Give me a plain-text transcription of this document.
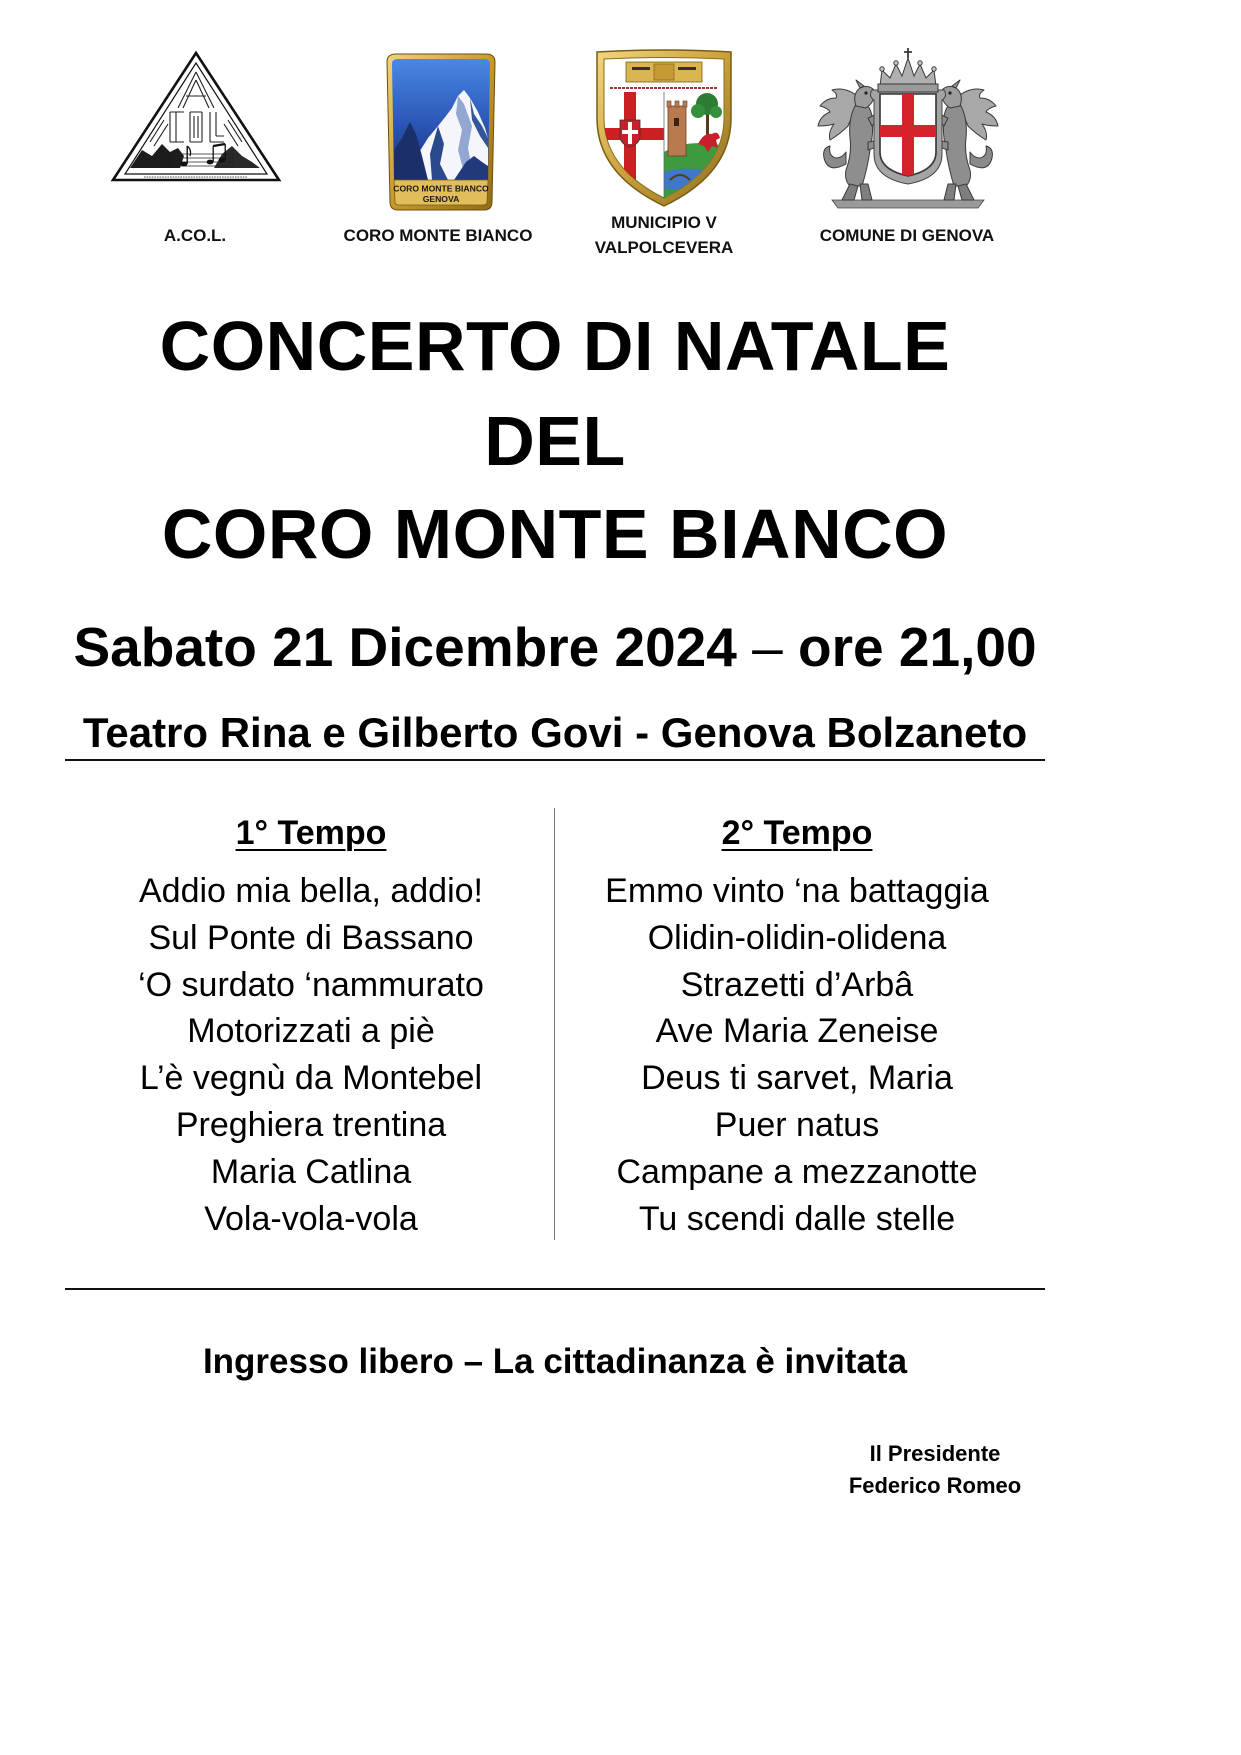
A.CO.L.
CORO MONTE BIANCO
GENOVA
CORO MONTE BIANCO
MUNICIPIO V
VALPOLCEVERA
COMUNE DI GENOVA
CONCERTO DI NATALE
DEL
CORO MONTE BIANCO
Sabato 21 Dicembre 2024 – ore 21,00
Teatro Rina e Gilberto Govi - Genova Bolzaneto
1° Tempo
Addio mia bella, addio!
Sul Ponte di Bassano
‘O surdato ‘nammurato
Motorizzati a piè
L’è vegnù da Montebel
Preghiera trentina
Maria Catlina
Vola-vola-vola
2° Tempo
Emmo vinto ‘na battaggia
Olidin-olidin-olidena
Strazetti d’Arbâ
Ave Maria Zeneise
Deus ti sarvet, Maria
Puer natus
Campane a mezzanotte
Tu scendi dalle stelle
Ingresso libero – La cittadinanza è invitata
Il Presidente
Federico Romeo
